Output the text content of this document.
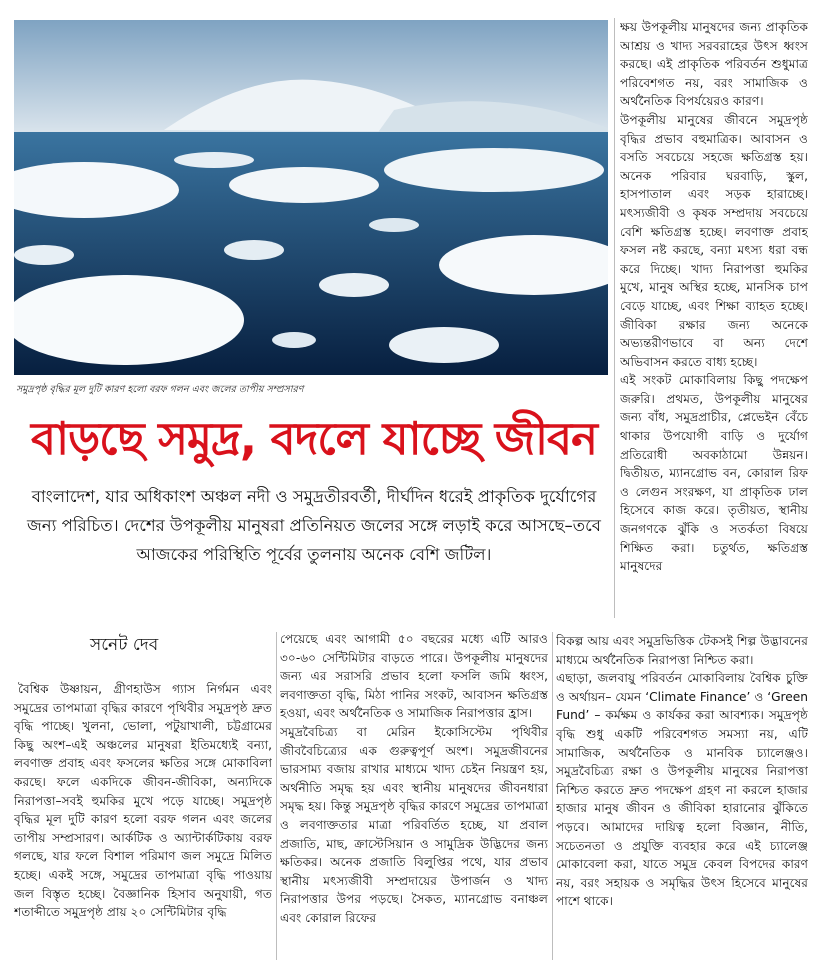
সমুদ্রপৃষ্ঠ বৃদ্ধির মূল দুটি কারণ হলো বরফ গলন এবং জলের তাপীয় সম্প্রসারণ
বাড়ছে সমুদ্র, বদলে যাচ্ছে জীবন
বাংলাদেশ, যার অধিকাংশ অঞ্চল নদী ও সমুদ্রতীরবর্তী, দীর্ঘদিন ধরেই প্রাকৃতিক দুর্যোগের জন্য পরিচিত। দেশের উপকূলীয় মানুষরা প্রতিনিয়ত জলের সঙ্গে লড়াই করে আসছে–তবে আজকের পরিস্থিতি পূর্বের তুলনায় অনেক বেশি জটিল।
সনেট দেব

ক্ষয় উপকূলীয় মানুষদের জন্য প্রাকৃতিক আশ্রয় ও খাদ্য সরবরাহের উৎস ধ্বংস করছে। এই প্রাকৃতিক পরিবর্তন শুধুমাত্র পরিবেশগত নয়, বরং সামাজিক ও অর্থনৈতিক বিপর্যয়েরও কারণ।

উপকূলীয় মানুষের জীবনে সমুদ্রপৃষ্ঠ বৃদ্ধির প্রভাব বহুমাত্রিক। আবাসন ও বসতি সবচেয়ে সহজে ক্ষতিগ্রস্ত হয়। অনেক পরিবার ঘরবাড়ি, স্কুল, হাসপাতাল এবং সড়ক হারাচ্ছে। মৎস্যজীবী ও কৃষক সম্প্রদায় সবচেয়ে বেশি ক্ষতিগ্রস্ত হচ্ছে। লবণাক্ত প্রবাহ ফসল নষ্ট করছে, বন্যা মৎস্য ধরা বন্ধ করে দিচ্ছে। খাদ্য নিরাপত্তা হুমকির মুখে, মানুষ অস্থির হচ্ছে, মানসিক চাপ বেড়ে যাচ্ছে, এবং শিক্ষা ব্যাহত হচ্ছে। জীবিকা রক্ষার জন্য অনেকে অভ্যন্তরীণভাবে বা অন্য দেশে অভিবাসন করতে বাধ্য হচ্ছে।

এই সংকট মোকাবিলায় কিছু পদক্ষেপ জরুরি। প্রথমত, উপকূলীয় মানুষের জন্য বাঁধ, সমুদ্রপ্রাচীর, প্লেভেইন বেঁচে থাকার উপযোগী বাড়ি ও দুর্যোগ প্রতিরোধী অবকাঠামো উন্নয়ন। দ্বিতীয়ত, ম্যানগ্রোভ বন, কোরাল রিফ ও লেগুন সংরক্ষণ, যা প্রাকৃতিক ঢাল হিসেবে কাজ করে। তৃতীয়ত, স্থানীয় জনগণকে ঝুঁকি ও সতর্কতা বিষয়ে শিক্ষিত করা। চতুর্থত, ক্ষতিগ্রস্ত মানুষদের

বৈশ্বিক উষ্ণায়ন, গ্রীণহাউস গ্যাস নির্গমন এবং সমুদ্রের তাপমাত্রা বৃদ্ধির কারণে পৃথিবীর সমুদ্রপৃষ্ঠ দ্রুত বৃদ্ধি পাচ্ছে। খুলনা, ভোলা, পটুয়াখালী, চট্টগ্রামের কিছু অংশ–এই অঞ্চলের মানুষরা ইতিমধ্যেই বন্যা, লবণাক্ত প্রবাহ এবং ফসলের ক্ষতির সঙ্গে মোকাবিলা করছে। ফলে একদিকে জীবন-জীবিকা, অন্যদিকে নিরাপত্তা–সবই হুমকির মুখে পড়ে যাচ্ছে। সমুদ্রপৃষ্ঠ বৃদ্ধির মূল দুটি কারণ হলো বরফ গলন এবং জলের তাপীয় সম্প্রসারণ। আর্কটিক ও অ্যান্টার্কটিকায় বরফ গলছে, যার ফলে বিশাল পরিমাণ জল সমুদ্রে মিলিত হচ্ছে। একই সঙ্গে, সমুদ্রের তাপমাত্রা বৃদ্ধি পাওয়ায় জল বিস্তৃত হচ্ছে। বৈজ্ঞানিক হিসাব অনুযায়ী, গত শতাব্দীতে সমুদ্রপৃষ্ঠ প্রায় ২০ সেন্টিমিটার বৃদ্ধি

পেয়েছে এবং আগামী ৫০ বছরের মধ্যে এটি আরও ৩০-৬০ সেন্টিমিটার বাড়তে পারে। উপকূলীয় মানুষদের জন্য এর সরাসরি প্রভাব হলো ফসলি জমি ধ্বংস, লবণাক্ততা বৃদ্ধি, মিঠা পানির সংকট, আবাসন ক্ষতিগ্রস্ত হওয়া, এবং অর্থনৈতিক ও সামাজিক নিরাপত্তার হ্রাস।

সমুদ্রবৈচিত্র্য বা মেরিন ইকোসিস্টেম পৃথিবীর জীববৈচিত্র্যের এক গুরুত্বপূর্ণ অংশ। সমুদ্রজীবনের ভারসাম্য বজায় রাখার মাধ্যমে খাদ্য চেইন নিয়ন্ত্রণ হয়, অর্থনীতি সমৃদ্ধ হয় এবং স্থানীয় মানুষদের জীবনধারা সমৃদ্ধ হয়। কিন্তু সমুদ্রপৃষ্ঠ বৃদ্ধির কারণে সমুদ্রের তাপমাত্রা ও লবণাক্ততার মাত্রা পরিবর্তিত হচ্ছে, যা প্রবাল প্রজাতি, মাছ, ক্রাস্টেসিয়ান ও সামুদ্রিক উদ্ভিদের জন্য ক্ষতিকর। অনেক প্রজাতি বিলুপ্তির পথে, যার প্রভাব স্থানীয় মৎস্যজীবী সম্প্রদায়ের উপার্জন ও খাদ্য নিরাপত্তার উপর পড়ছে। সৈকত, ম্যানগ্রোভ বনাঞ্চল এবং কোরাল রিফের

বিকল্প আয় এবং সমুদ্রভিত্তিক টেকসই শিল্প উদ্ভাবনের মাধ্যমে অর্থনৈতিক নিরাপত্তা নিশ্চিত করা।

এছাড়া, জলবায়ু পরিবর্তন মোকাবিলায় বৈশ্বিক চুক্তি ও অর্থায়ন– যেমন ‘Climate Finance’ ও ‘Green Fund’ – কর্মক্ষম ও কার্যকর করা আবশ্যক। সমুদ্রপৃষ্ঠ বৃদ্ধি শুধু একটি পরিবেশগত সমস্যা নয়, এটি সামাজিক, অর্থনৈতিক ও মানবিক চ্যালেঞ্জও। সমুদ্রবৈচিত্র্য রক্ষা ও উপকূলীয় মানুষের নিরাপত্তা নিশ্চিত করতে দ্রুত পদক্ষেপ গ্রহণ না করলে হাজার হাজার মানুষ জীবন ও জীবিকা হারানোর ঝুঁকিতে পড়বে। আমাদের দায়িত্ব হলো বিজ্ঞান, নীতি, সচেতনতা ও প্রযুক্তি ব্যবহার করে এই চ্যালেঞ্জ মোকাবেলা করা, যাতে সমুদ্র কেবল বিপদের কারণ নয়, বরং সহায়ক ও সমৃদ্ধির উৎস হিসেবে মানুষের পাশে থাকে।
